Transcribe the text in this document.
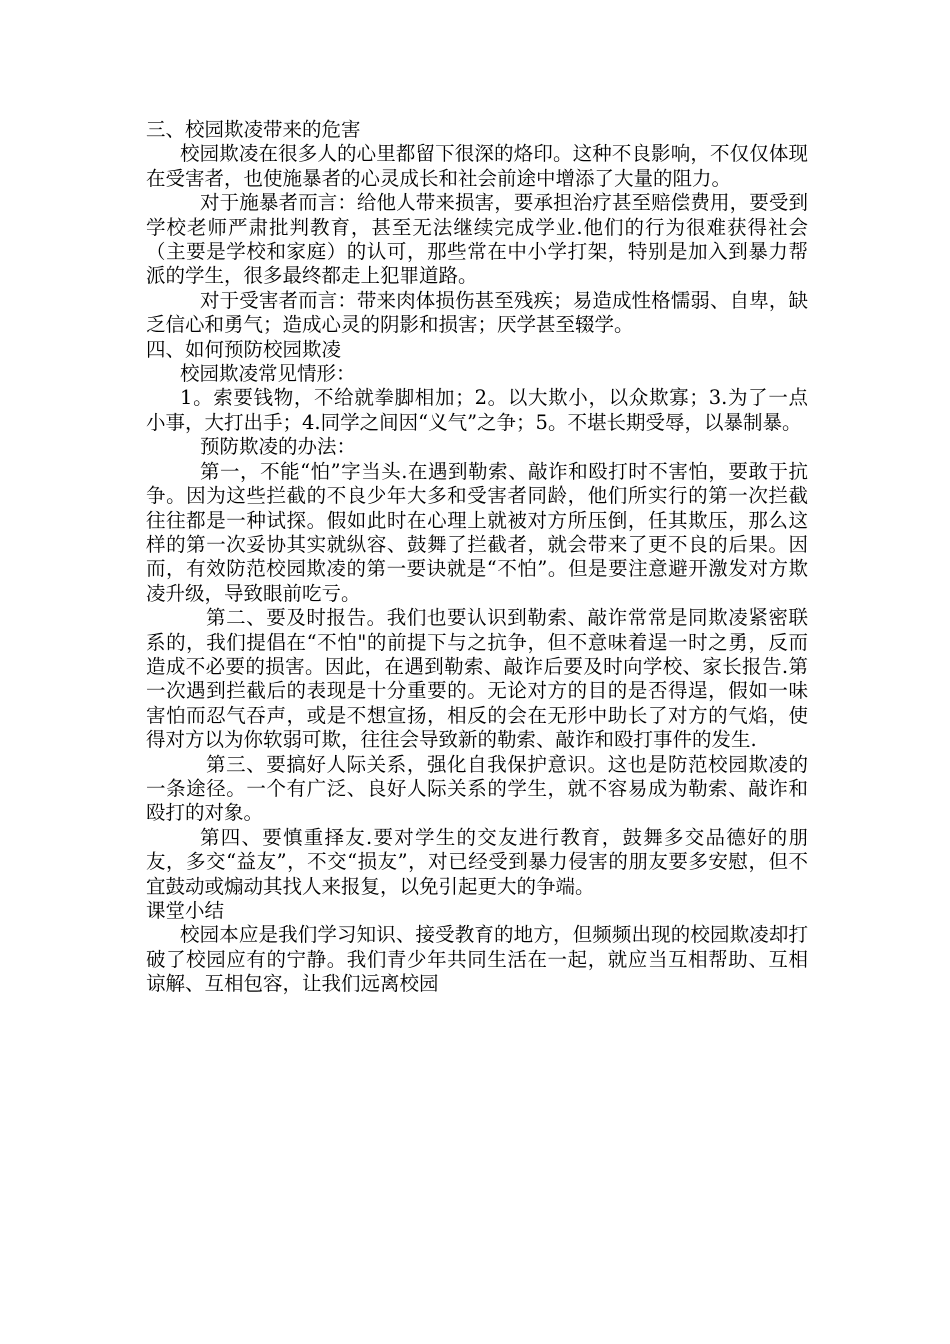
三、校园欺凌带来的危害

校园欺凌在很多人的心里都留下很深的烙印。这种不良影响，不仅仅体现在受害者，也使施暴者的心灵成长和社会前途中增添了大量的阻力。

对于施暴者而言：给他人带来损害，要承担治疗甚至赔偿费用，要受到学校老师严肃批判教育，甚至无法继续完成学业.他们的行为很难获得社会（主要是学校和家庭）的认可，那些常在中小学打架，特别是加入到暴力帮派的学生，很多最终都走上犯罪道路。

对于受害者而言：带来肉体损伤甚至残疾；易造成性格懦弱、自卑，缺乏信心和勇气；造成心灵的阴影和损害；厌学甚至辍学。

四、如何预防校园欺凌

校园欺凌常见情形：

1。索要钱物，不给就拳脚相加；2。以大欺小，以众欺寡；3.为了一点小事，大打出手；4.同学之间因“义气”之争；5。不堪长期受辱，以暴制暴。

预防欺凌的办法：

第一，不能“怕”字当头.在遇到勒索、敲诈和殴打时不害怕，要敢于抗争。因为这些拦截的不良少年大多和受害者同龄，他们所实行的第一次拦截往往都是一种试探。假如此时在心理上就被对方所压倒，任其欺压，那么这样的第一次妥协其实就纵容、鼓舞了拦截者，就会带来了更不良的后果。因而，有效防范校园欺凌的第一要诀就是“不怕”。但是要注意避开激发对方欺凌升级，导致眼前吃亏。

第二、要及时报告。我们也要认识到勒索、敲诈常常是同欺凌紧密联系的，我们提倡在“不怕"的前提下与之抗争，但不意味着逞一时之勇，反而造成不必要的损害。因此，在遇到勒索、敲诈后要及时向学校、家长报告.第一次遇到拦截后的表现是十分重要的。无论对方的目的是否得逞，假如一味害怕而忍气吞声，或是不想宣扬，相反的会在无形中助长了对方的气焰，使得对方以为你软弱可欺，往往会导致新的勒索、敲诈和殴打事件的发生.

第三、要搞好人际关系，强化自我保护意识。这也是防范校园欺凌的一条途径。一个有广泛、良好人际关系的学生，就不容易成为勒索、敲诈和殴打的对象。

第四、要慎重择友.要对学生的交友进行教育，鼓舞多交品德好的朋友，多交“益友”，不交“损友”，对已经受到暴力侵害的朋友要多安慰，但不宜鼓动或煽动其找人来报复，以免引起更大的争端。

课堂小结

校园本应是我们学习知识、接受教育的地方，但频频出现的校园欺凌却打破了校园应有的宁静。我们青少年共同生活在一起，就应当互相帮助、互相谅解、互相包容，让我们远离校园
